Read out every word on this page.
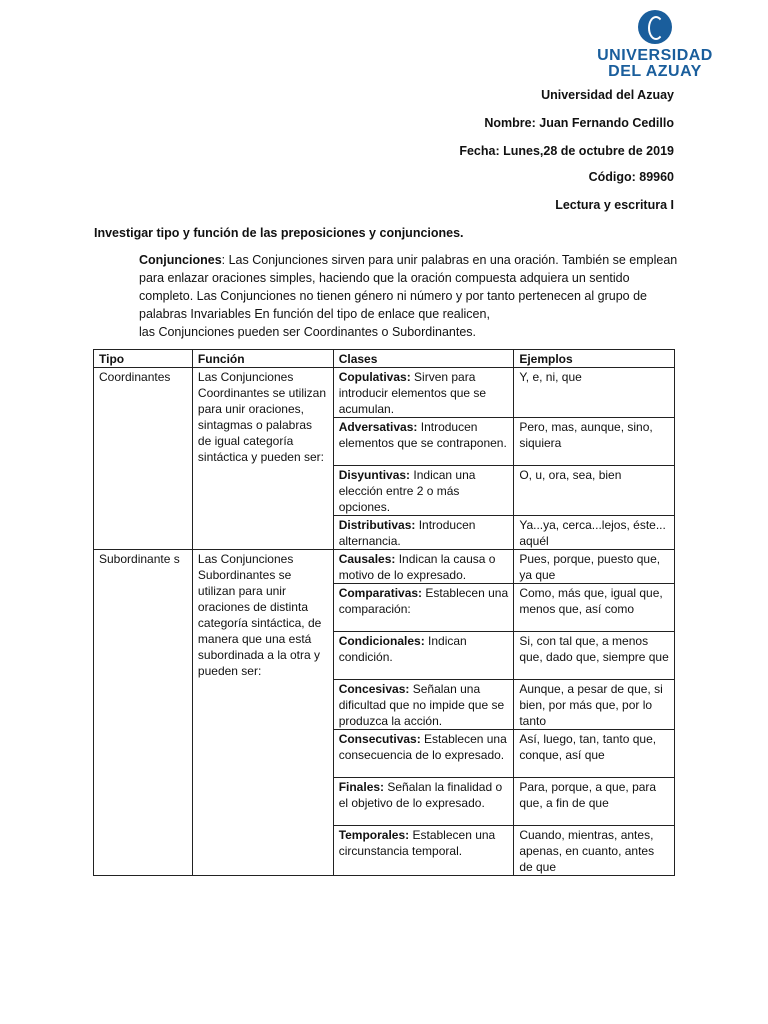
UNIVERSIDAD
DEL AZUAY
Universidad del Azuay
Nombre: Juan Fernando Cedillo
Fecha: Lunes,28 de octubre de 2019
Código: 89960
Lectura y escritura I
Investigar tipo y función de las preposiciones y conjunciones.
Conjunciones: Las Conjunciones sirven para unir palabras en una oración. También se emplean para enlazar oraciones simples, haciendo que la oración compuesta adquiera un sentido completo. Las Conjunciones no tienen género ni número y por tanto pertenecen al grupo de palabras Invariables En función del tipo de enlace que realicen,
las Conjunciones pueden ser Coordinantes o Subordinantes.
Tipo	Función	Clases	Ejemplos
Coordinantes	Las Conjunciones Coordinantes se utilizan para unir oraciones, sintagmas o palabras de igual categoría sintáctica y pueden ser:	Copulativas: Sirven para introducir elementos que se acumulan.	Y, e, ni, que
		Adversativas: Introducen elementos que se contraponen.	Pero, mas, aunque, sino, siquiera
		Disyuntivas: Indican una elección entre 2 o más opciones.	O, u, ora, sea, bien
		Distributivas: Introducen alternancia.	Ya...ya, cerca...lejos, éste... aquél
Subordinante s	Las Conjunciones Subordinantes se utilizan para unir oraciones de distinta categoría sintáctica, de manera que una está subordinada a la otra y pueden ser:	Causales: Indican la causa o motivo de lo expresado.	Pues, porque, puesto que, ya que
		Comparativas: Establecen una comparación:	Como, más que, igual que, menos que, así como
		Condicionales: Indican condición.	Si, con tal que, a menos que, dado que, siempre que
		Concesivas: Señalan una dificultad que no impide que se produzca la acción.	Aunque, a pesar de que, si bien, por más que, por lo tanto
		Consecutivas: Establecen una consecuencia de lo expresado.	Así, luego, tan, tanto que, conque, así que
		Finales: Señalan la finalidad o el objetivo de lo expresado.	Para, porque, a que, para que, a fin de que
		Temporales: Establecen una circunstancia temporal.	Cuando, mientras, antes, apenas, en cuanto, antes de que
